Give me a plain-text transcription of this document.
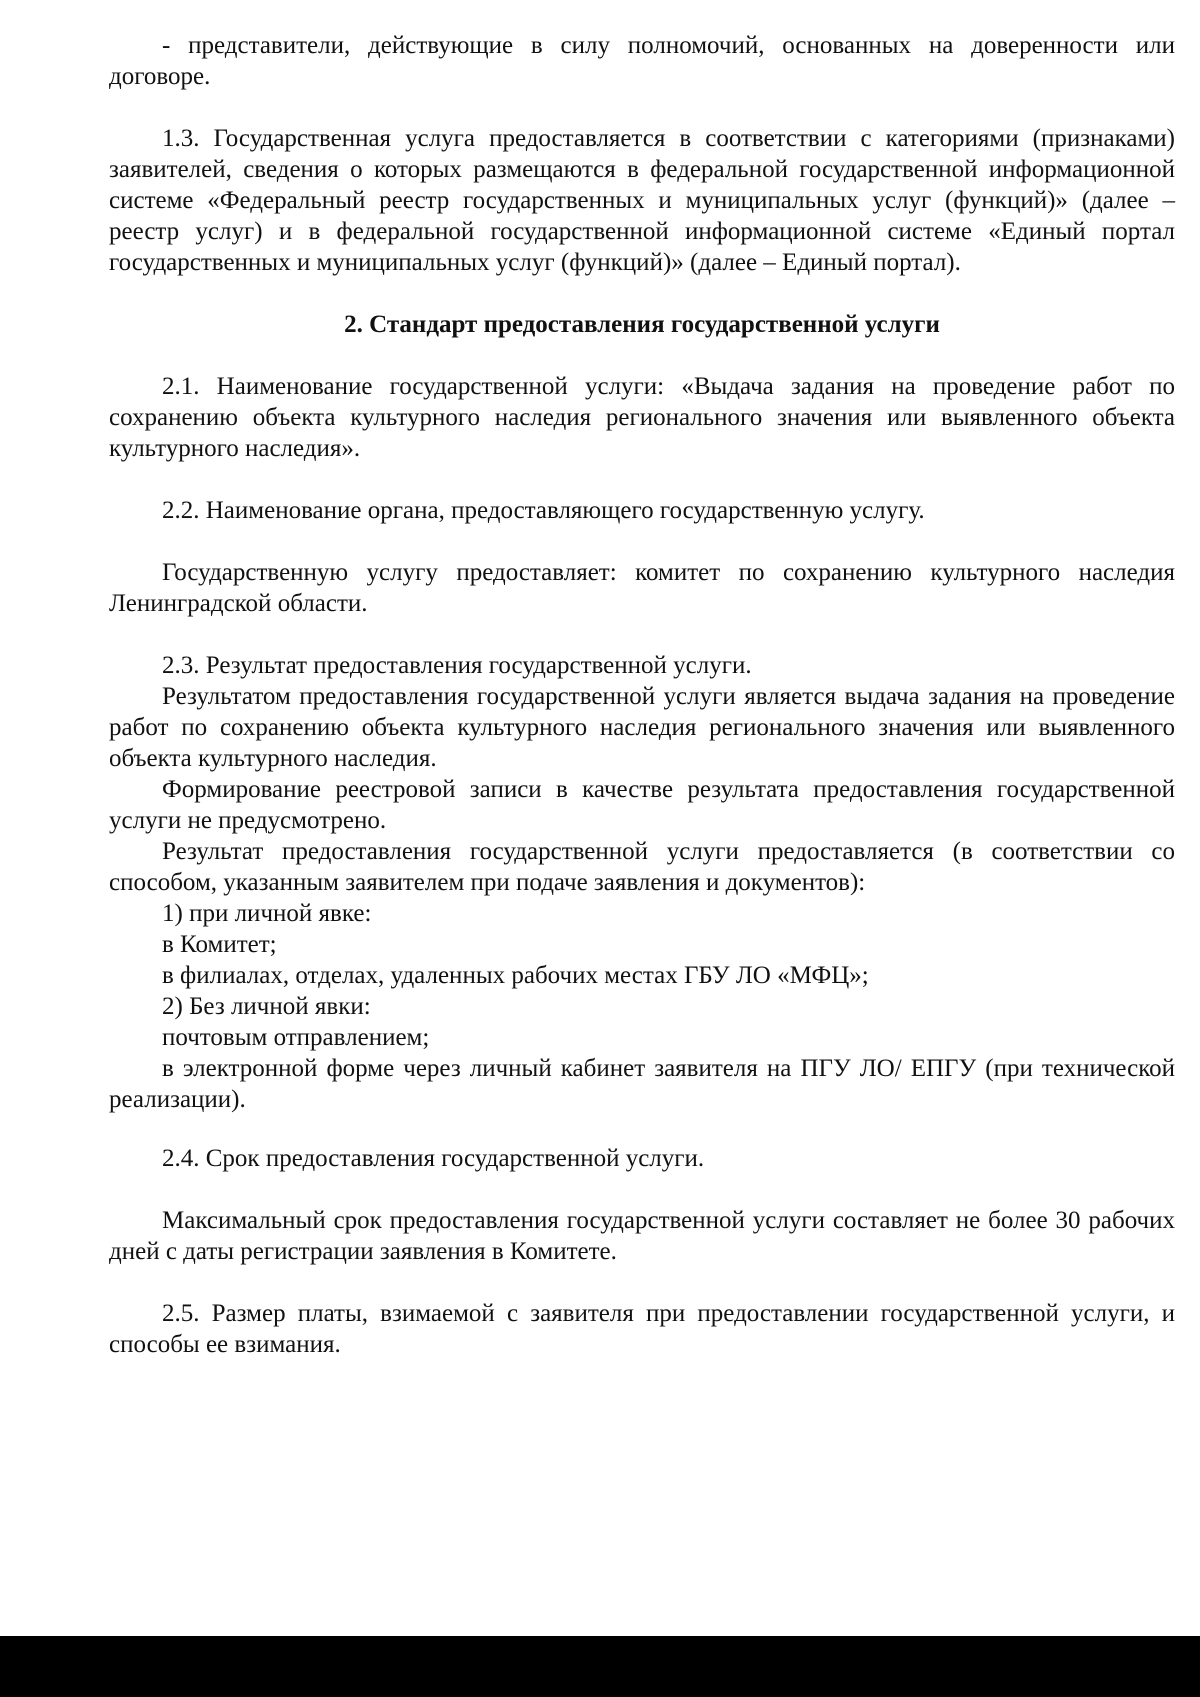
- представители, действующие в силу полномочий, основанных на доверенности или договоре.

1.3. Государственная услуга предоставляется в соответствии с категориями (признаками) заявителей, сведения о которых размещаются в федеральной государственной информационной системе «Федеральный реестр государственных и муниципальных услуг (функций)» (далее – реестр услуг) и в федеральной государственной информационной системе «Единый портал государственных и муниципальных услуг (функций)» (далее – Единый портал).

2. Стандарт предоставления государственной услуги

2.1. Наименование государственной услуги: «Выдача задания на проведение работ по сохранению объекта культурного наследия регионального значения или выявленного объекта культурного наследия».

2.2. Наименование органа, предоставляющего государственную услугу.

Государственную услугу предоставляет: комитет по сохранению культурного наследия Ленинградской области.

2.3. Результат предоставления государственной услуги.

Результатом предоставления государственной услуги является выдача задания на проведение работ по сохранению объекта культурного наследия регионального значения или выявленного объекта культурного наследия.

Формирование реестровой записи в качестве результата предоставления государственной услуги не предусмотрено.

Результат предоставления государственной услуги предоставляется (в соответствии со способом, указанным заявителем при подаче заявления и документов):

1) при личной явке:

в Комитет;

в филиалах, отделах, удаленных рабочих местах ГБУ ЛО «МФЦ»;

2) Без личной явки:

почтовым отправлением;

в электронной форме через личный кабинет заявителя на ПГУ ЛО/ ЕПГУ (при технической реализации).

2.4. Срок предоставления государственной услуги.

Максимальный срок предоставления государственной услуги составляет не более 30 рабочих дней с даты регистрации заявления в Комитете.

2.5. Размер платы, взимаемой с заявителя при предоставлении государственной услуги, и способы ее взимания.
